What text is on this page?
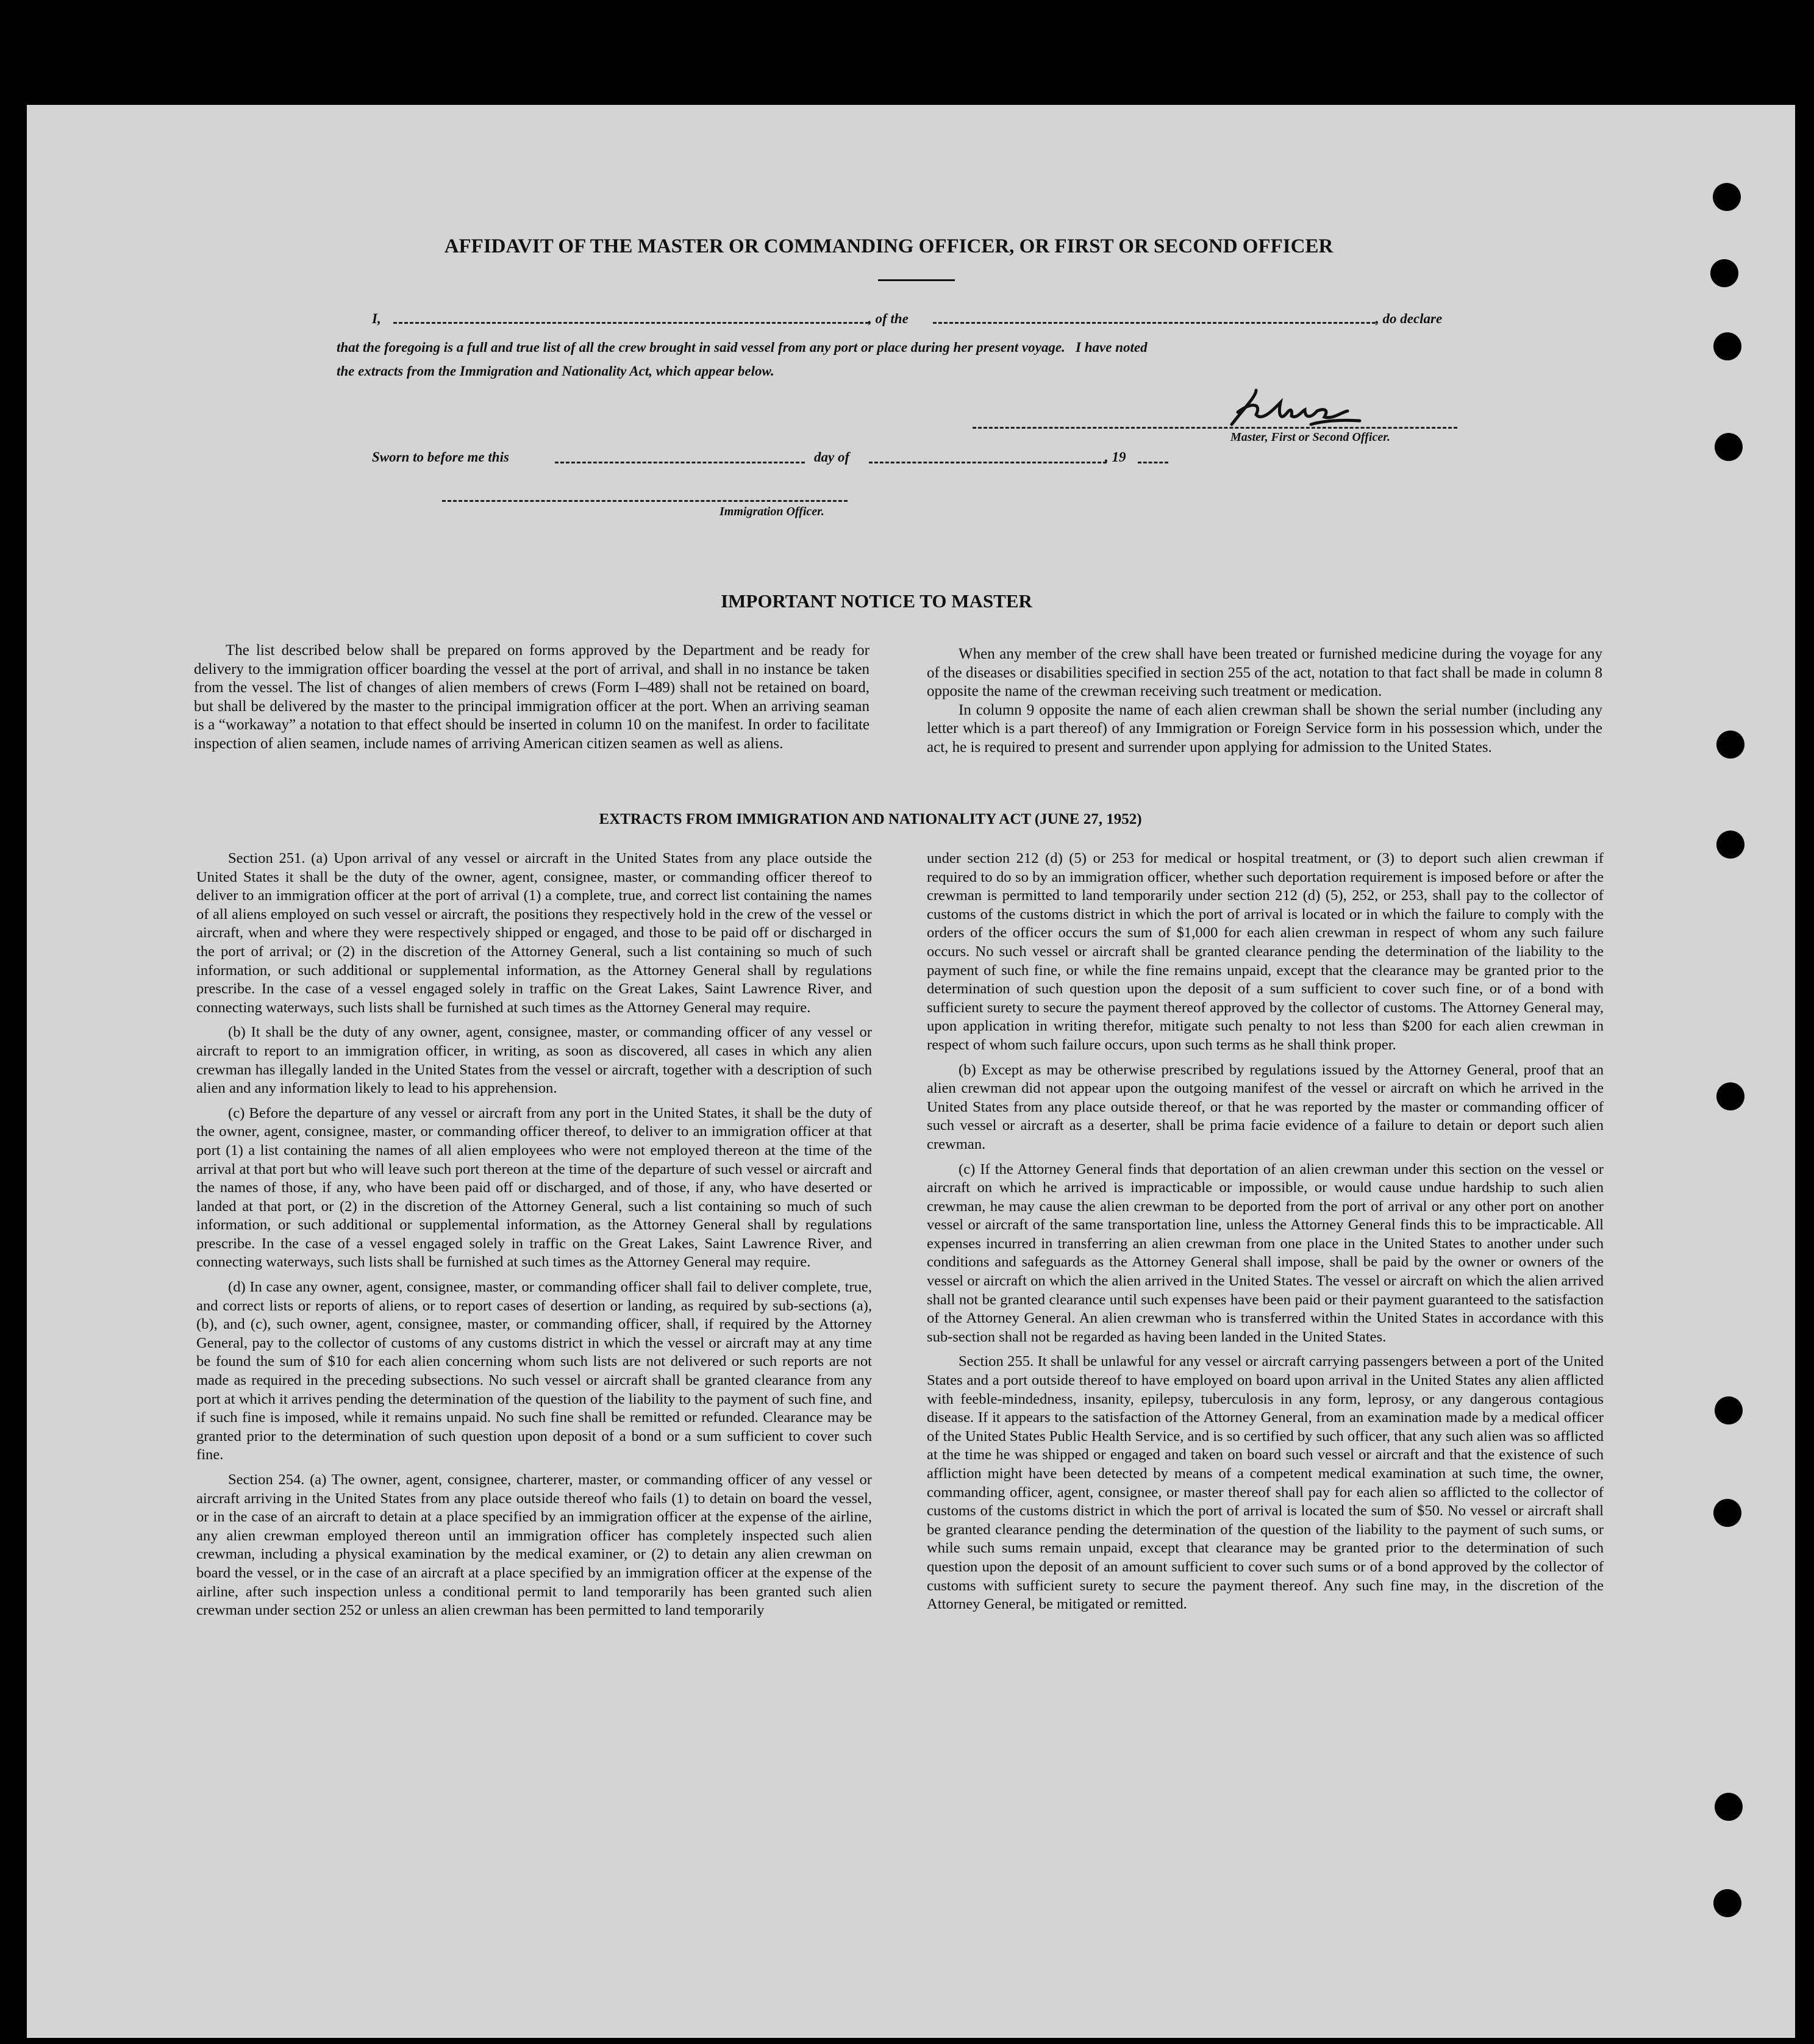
AFFIDAVIT OF THE MASTER OR COMMANDING OFFICER, OR FIRST OR SECOND OFFICER
I,	, of the	, do declare
that the foregoing is a full and true list of all the crew brought in said vessel from any port or place during her present voyage.   I have noted
the extracts from the Immigration and Nationality Act, which appear below.
Master, First or Second Officer.
Sworn to before me this	day of	, 19
Immigration Officer.
IMPORTANT NOTICE TO MASTER

The list described below shall be prepared on forms approved by the Department and be ready for delivery to the immigration officer boarding the vessel at the port of arrival, and shall in no instance be taken from the vessel. The list of changes of alien members of crews (Form I–489) shall not be retained on board, but shall be delivered by the master to the principal immigration officer at the port. When an arriving seaman is a “workaway” a notation to that effect should be inserted in column 10 on the manifest. In order to facilitate inspection of alien seamen, include names of arriving American citizen seamen as well as aliens.

When any member of the crew shall have been treated or furnished medicine during the voyage for any of the diseases or disabilities specified in section 255 of the act, notation to that fact shall be made in column 8 opposite the name of the crewman receiving such treatment or medication.

In column 9 opposite the name of each alien crewman shall be shown the serial number (including any letter which is a part thereof) of any Immigration or Foreign Service form in his possession which, under the act, he is required to present and surrender upon applying for admission to the United States.

EXTRACTS FROM IMMIGRATION AND NATIONALITY ACT (JUNE 27, 1952)

Section 251. (a) Upon arrival of any vessel or aircraft in the United States from any place outside the United States it shall be the duty of the owner, agent, consignee, master, or commanding officer thereof to deliver to an immigration officer at the port of arrival (1) a complete, true, and correct list containing the names of all aliens employed on such vessel or aircraft, the positions they respectively hold in the crew of the vessel or aircraft, when and where they were respectively shipped or engaged, and those to be paid off or discharged in the port of arrival; or (2) in the discretion of the Attorney General, such a list containing so much of such information, or such additional or supplemental information, as the Attorney General shall by regulations prescribe. In the case of a vessel engaged solely in traffic on the Great Lakes, Saint Lawrence River, and connecting waterways, such lists shall be furnished at such times as the Attorney General may require.

(b) It shall be the duty of any owner, agent, consignee, master, or commanding officer of any vessel or aircraft to report to an immigration officer, in writing, as soon as discovered, all cases in which any alien crewman has illegally landed in the United States from the vessel or aircraft, together with a description of such alien and any information likely to lead to his apprehension.

(c) Before the departure of any vessel or aircraft from any port in the United States, it shall be the duty of the owner, agent, consignee, master, or commanding officer thereof, to deliver to an immigration officer at that port (1) a list containing the names of all alien employees who were not employed thereon at the time of the arrival at that port but who will leave such port thereon at the time of the departure of such vessel or aircraft and the names of those, if any, who have been paid off or discharged, and of those, if any, who have deserted or landed at that port, or (2) in the discretion of the Attorney General, such a list containing so much of such information, or such additional or supplemental information, as the Attorney General shall by regulations prescribe. In the case of a vessel engaged solely in traffic on the Great Lakes, Saint Lawrence River, and connecting waterways, such lists shall be furnished at such times as the Attorney General may require.

(d) In case any owner, agent, consignee, master, or commanding officer shall fail to deliver complete, true, and correct lists or reports of aliens, or to report cases of desertion or landing, as required by sub-sections (a), (b), and (c), such owner, agent, consignee, master, or commanding officer, shall, if required by the Attorney General, pay to the collector of customs of any customs district in which the vessel or aircraft may at any time be found the sum of $10 for each alien concerning whom such lists are not delivered or such reports are not made as required in the preceding subsections. No such vessel or aircraft shall be granted clearance from any port at which it arrives pending the determination of the question of the liability to the payment of such fine, and if such fine is imposed, while it remains unpaid. No such fine shall be remitted or refunded. Clearance may be granted prior to the determination of such question upon deposit of a bond or a sum sufficient to cover such fine.

Section 254. (a) The owner, agent, consignee, charterer, master, or commanding officer of any vessel or aircraft arriving in the United States from any place outside thereof who fails (1) to detain on board the vessel, or in the case of an aircraft to detain at a place specified by an immigration officer at the expense of the airline, any alien crewman employed thereon until an immigration officer has completely inspected such alien crewman, including a physical examination by the medical examiner, or (2) to detain any alien crewman on board the vessel, or in the case of an aircraft at a place specified by an immigration officer at the expense of the airline, after such inspection unless a conditional permit to land temporarily has been granted such alien crewman under section 252 or unless an alien crewman has been permitted to land temporarily

under section 212 (d) (5) or 253 for medical or hospital treatment, or (3) to deport such alien crewman if required to do so by an immigration officer, whether such deportation requirement is imposed before or after the crewman is permitted to land temporarily under section 212 (d) (5), 252, or 253, shall pay to the collector of customs of the customs district in which the port of arrival is located or in which the failure to comply with the orders of the officer occurs the sum of $1,000 for each alien crewman in respect of whom any such failure occurs. No such vessel or aircraft shall be granted clearance pending the determination of the liability to the payment of such fine, or while the fine remains unpaid, except that the clearance may be granted prior to the determination of such question upon the deposit of a sum sufficient to cover such fine, or of a bond with sufficient surety to secure the payment thereof approved by the collector of customs. The Attorney General may, upon application in writing therefor, mitigate such penalty to not less than $200 for each alien crewman in respect of whom such failure occurs, upon such terms as he shall think proper.

(b) Except as may be otherwise prescribed by regulations issued by the Attorney General, proof that an alien crewman did not appear upon the outgoing manifest of the vessel or aircraft on which he arrived in the United States from any place outside thereof, or that he was reported by the master or commanding officer of such vessel or aircraft as a deserter, shall be prima facie evidence of a failure to detain or deport such alien crewman.

(c) If the Attorney General finds that deportation of an alien crewman under this section on the vessel or aircraft on which he arrived is impracticable or impossible, or would cause undue hardship to such alien crewman, he may cause the alien crewman to be deported from the port of arrival or any other port on another vessel or aircraft of the same transportation line, unless the Attorney General finds this to be impracticable. All expenses incurred in transferring an alien crewman from one place in the United States to another under such conditions and safeguards as the Attorney General shall impose, shall be paid by the owner or owners of the vessel or aircraft on which the alien arrived in the United States. The vessel or aircraft on which the alien arrived shall not be granted clearance until such expenses have been paid or their payment guaranteed to the satisfaction of the Attorney General. An alien crewman who is transferred within the United States in accordance with this sub-section shall not be regarded as having been landed in the United States.

Section 255. It shall be unlawful for any vessel or aircraft carrying passengers between a port of the United States and a port outside thereof to have employed on board upon arrival in the United States any alien afflicted with feeble-mindedness, insanity, epilepsy, tuberculosis in any form, leprosy, or any dangerous contagious disease. If it appears to the satisfaction of the Attorney General, from an examination made by a medical officer of the United States Public Health Service, and is so certified by such officer, that any such alien was so afflicted at the time he was shipped or engaged and taken on board such vessel or aircraft and that the existence of such affliction might have been detected by means of a competent medical examination at such time, the owner, commanding officer, agent, consignee, or master thereof shall pay for each alien so afflicted to the collector of customs of the customs district in which the port of arrival is located the sum of $50. No vessel or aircraft shall be granted clearance pending the determination of the question of the liability to the payment of such sums, or while such sums remain unpaid, except that clearance may be granted prior to the determination of such question upon the deposit of an amount sufficient to cover such sums or of a bond approved by the collector of customs with sufficient surety to secure the payment thereof. Any such fine may, in the discretion of the Attorney General, be mitigated or remitted.
